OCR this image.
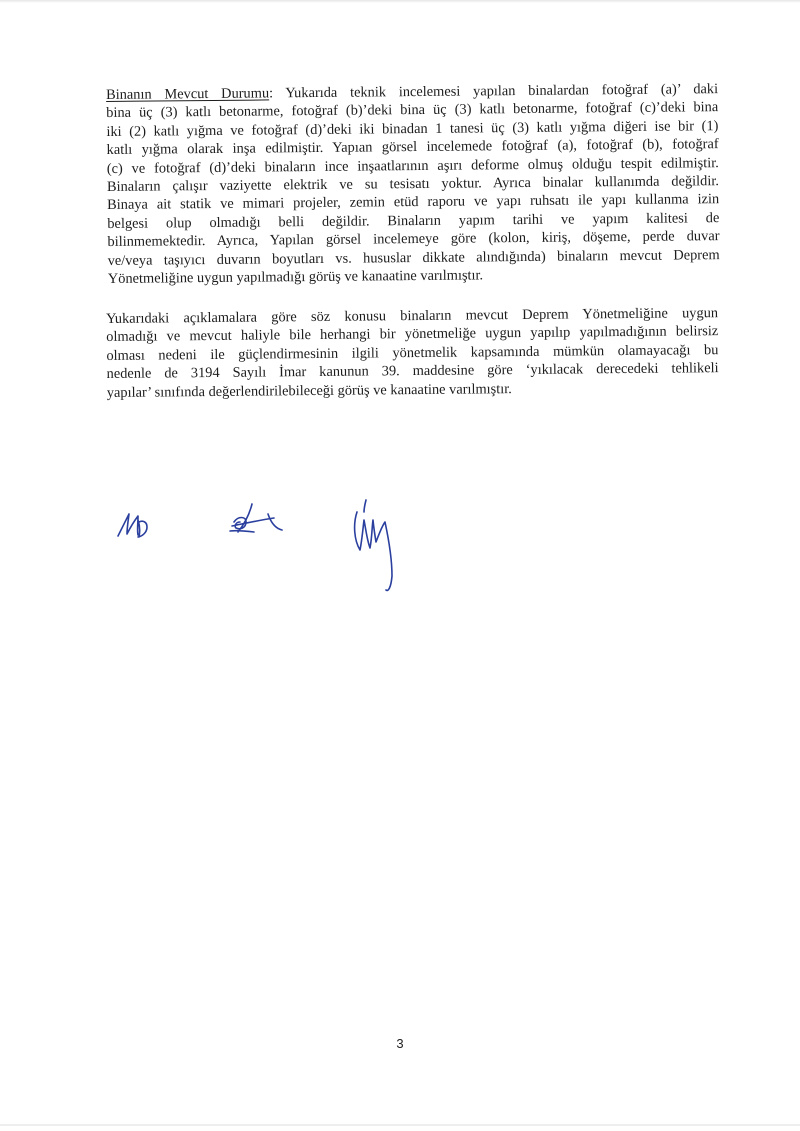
Binanın Mevcut Durumu: Yukarıda teknik incelemesi yapılan binalardan fotoğraf (a)’ daki
bina üç (3) katlı betonarme, fotoğraf (b)’deki bina üç (3) katlı betonarme, fotoğraf (c)’deki bina
iki (2) katlı yığma ve fotoğraf (d)’deki iki binadan 1 tanesi üç (3) katlı yığma diğeri ise bir (1)
katlı yığma olarak inşa edilmiştir. Yapıan görsel incelemede fotoğraf (a), fotoğraf (b), fotoğraf
(c) ve fotoğraf (d)’deki binaların ince inşaatlarının aşırı deforme olmuş olduğu tespit edilmiştir.
Binaların çalışır vaziyette elektrik ve su tesisatı yoktur. Ayrıca binalar kullanımda değildir.
Binaya ait statik ve mimari projeler, zemin etüd raporu ve yapı ruhsatı ile yapı kullanma izin
belgesi olup olmadığı belli değildir. Binaların yapım tarihi ve yapım kalitesi de
bilinmemektedir. Ayrıca, Yapılan görsel incelemeye göre (kolon, kiriş, döşeme, perde duvar
ve/veya taşıyıcı duvarın boyutları vs. hususlar dikkate alındığında) binaların mevcut Deprem
Yönetmeliğine uygun yapılmadığı görüş ve kanaatine varılmıştır.
Yukarıdaki açıklamalara göre söz konusu binaların mevcut Deprem Yönetmeliğine uygun
olmadığı ve mevcut haliyle bile herhangi bir yönetmeliğe uygun yapılıp yapılmadığının belirsiz
olması nedeni ile güçlendirmesinin ilgili yönetmelik kapsamında mümkün olamayacağı bu
nedenle de 3194 Sayılı İmar kanunun 39. maddesine göre ‘yıkılacak derecedeki tehlikeli
yapılar’ sınıfında değerlendirilebileceği görüş ve kanaatine varılmıştır.
3
